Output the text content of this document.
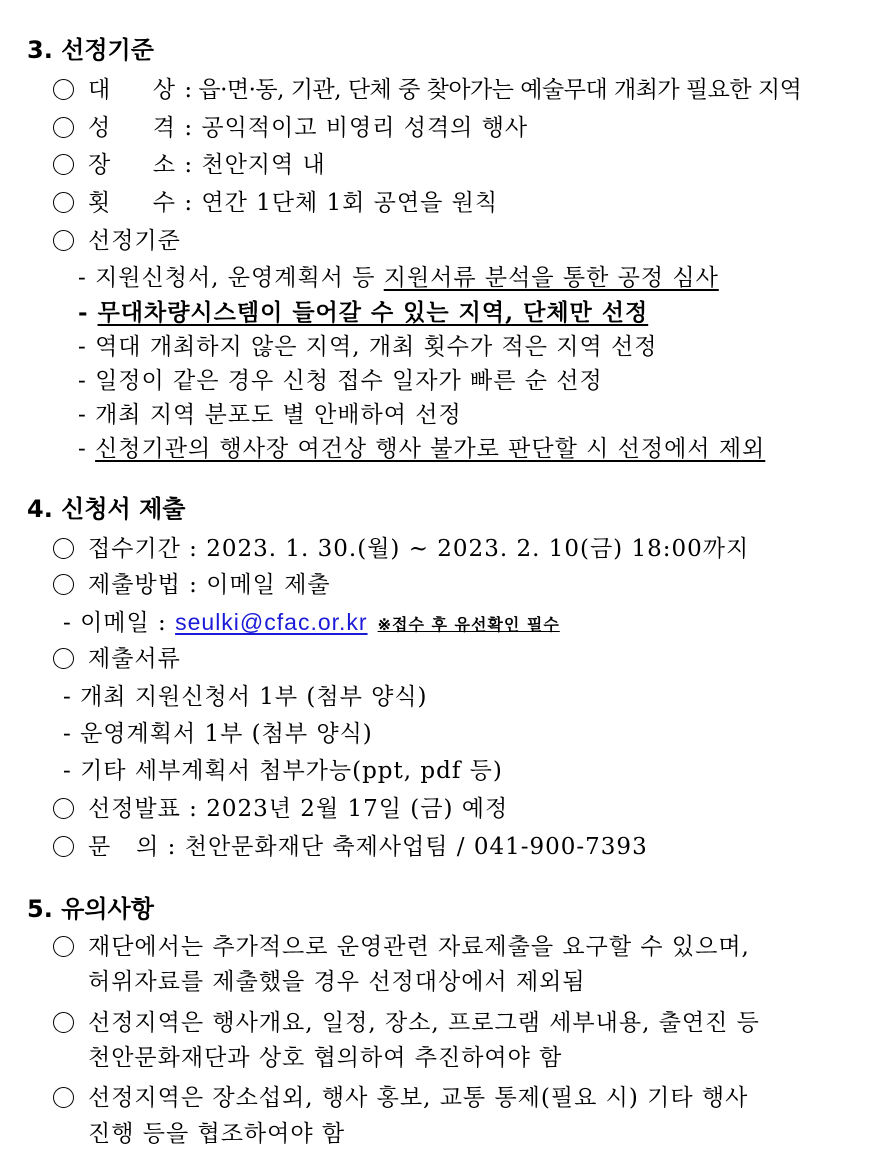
3. 선정기준
대     상 : 읍·면·동, 기관, 단체 중 찾아가는 예술무대 개최가 필요한 지역
성     격 : 공익적이고 비영리 성격의 행사
장     소 : 천안지역 내
횟     수 : 연간 1단체 1회 공연을 원칙
선정기준
- 지원신청서, 운영계획서 등 지원서류 분석을 통한 공정 심사
- 무대차량시스템이 들어갈 수 있는 지역, 단체만 선정
- 역대 개최하지 않은 지역, 개최 횟수가 적은 지역 선정
- 일정이 같은 경우 신청 접수 일자가 빠른 순 선정
- 개최 지역 분포도 별 안배하여 선정
- 신청기관의 행사장 여건상 행사 불가로 판단할 시 선정에서 제외
4. 신청서 제출
접수기간 : 2023. 1. 30.(월) ~ 2023. 2. 10(금) 18:00까지
제출방법 : 이메일 제출
- 이메일 : seulki@cfac.or.kr ※접수 후 유선확인 필수
제출서류
- 개최 지원신청서 1부 (첨부 양식)
- 운영계획서 1부 (첨부 양식)
- 기타 세부계획서 첨부가능(ppt, pdf 등)
선정발표 : 2023년 2월 17일 (금) 예정
문   의 : 천안문화재단 축제사업팀 / 041-900-7393
5. 유의사항
재단에서는 추가적으로 운영관련 자료제출을 요구할 수 있으며,
허위자료를 제출했을 경우 선정대상에서 제외됨
선정지역은 행사개요, 일정, 장소, 프로그램 세부내용, 출연진 등
천안문화재단과 상호 협의하여 추진하여야 함
선정지역은 장소섭외, 행사 홍보, 교통 통제(필요 시) 기타 행사
진행 등을 협조하여야 함
